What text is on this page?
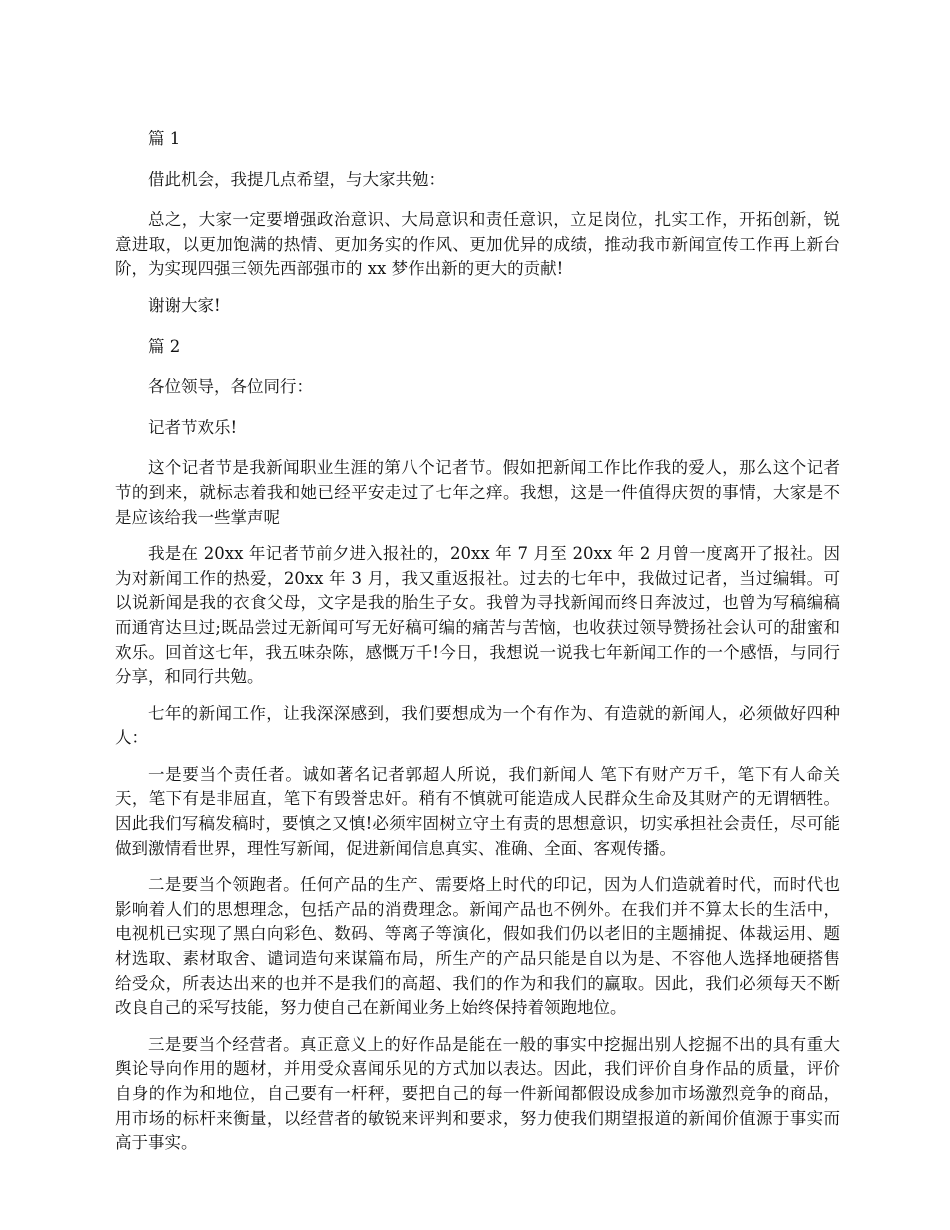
篇 1

借此机会，我提几点希望，与大家共勉：

总之，大家一定要增强政治意识、大局意识和责任意识，立足岗位，扎实工作，开拓创新，锐意进取，以更加饱满的热情、更加务实的作风、更加优异的成绩，推动我市新闻宣传工作再上新台阶，为实现四强三领先西部强市的 xx 梦作出新的更大的贡献!

谢谢大家!

篇 2

各位领导，各位同行：

记者节欢乐!

这个记者节是我新闻职业生涯的第八个记者节。假如把新闻工作比作我的爱人，那么这个记者节的到来，就标志着我和她已经平安走过了七年之痒。我想，这是一件值得庆贺的事情，大家是不是应该给我一些掌声呢

我是在 20xx 年记者节前夕进入报社的，20xx 年 7 月至 20xx 年 2 月曾一度离开了报社。因为对新闻工作的热爱，20xx 年 3 月，我又重返报社。过去的七年中，我做过记者，当过编辑。可以说新闻是我的衣食父母，文字是我的胎生子女。我曾为寻找新闻而终日奔波过，也曾为写稿编稿而通宵达旦过;既品尝过无新闻可写无好稿可编的痛苦与苦恼，也收获过领导赞扬社会认可的甜蜜和欢乐。回首这七年，我五味杂陈，感慨万千!今日，我想说一说我七年新闻工作的一个感悟，与同行分享，和同行共勉。

七年的新闻工作，让我深深感到，我们要想成为一个有作为、有造就的新闻人，必须做好四种人：

一是要当个责任者。诚如著名记者郭超人所说，我们新闻人 笔下有财产万千，笔下有人命关天，笔下有是非屈直，笔下有毁誉忠奸。稍有不慎就可能造成人民群众生命及其财产的无谓牺牲。因此我们写稿发稿时，要慎之又慎!必须牢固树立守土有责的思想意识，切实承担社会责任，尽可能做到激情看世界，理性写新闻，促进新闻信息真实、准确、全面、客观传播。

二是要当个领跑者。任何产品的生产、需要烙上时代的印记，因为人们造就着时代，而时代也影响着人们的思想理念，包括产品的消费理念。新闻产品也不例外。在我们并不算太长的生活中，电视机已实现了黑白向彩色、数码、等离子等演化，假如我们仍以老旧的主题捕捉、体裁运用、题材选取、素材取舍、谴词造句来谋篇布局，所生产的产品只能是自以为是、不容他人选择地硬搭售给受众，所表达出来的也并不是我们的高超、我们的作为和我们的赢取。因此，我们必须每天不断改良自己的采写技能，努力使自己在新闻业务上始终保持着领跑地位。

三是要当个经营者。真正意义上的好作品是能在一般的事实中挖掘出别人挖掘不出的具有重大舆论导向作用的题材，并用受众喜闻乐见的方式加以表达。因此，我们评价自身作品的质量，评价自身的作为和地位，自己要有一杆秤，要把自己的每一件新闻都假设成参加市场激烈竞争的商品，用市场的标杆来衡量，以经营者的敏锐来评判和要求，努力使我们期望报道的新闻价值源于事实而高于事实。
